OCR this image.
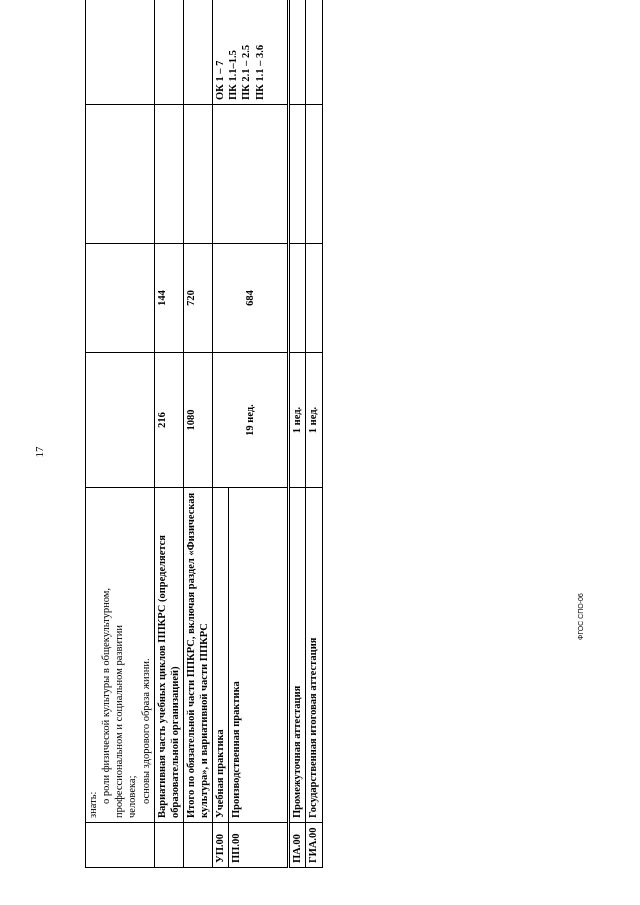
17

	знать:
о роли физической культуры в общекультурном, профессиональном и социальном развитии человека; основы здорового образа жизни.				

	Вариативная часть учебных циклов ППКРС (определяется образовательной организацией)	216	144		
	Итого по обязательной части ППКРС, включая раздел «Физическая культура», и вариативной части ППКРС	1080	720		
УП.00	Учебная практика	19 нед.	684		ОК 1 – 7 ПК 1.1–1.5 ПК 2.1 – 2.5 ПК 1.1 – 3.6

ПП.00	Производственная практика				
ПА.00	Промежуточная аттестация	1 нед.			
ГИА.00	Государственная итоговая аттестация	1 нед.			
ФГОС СПО-06
